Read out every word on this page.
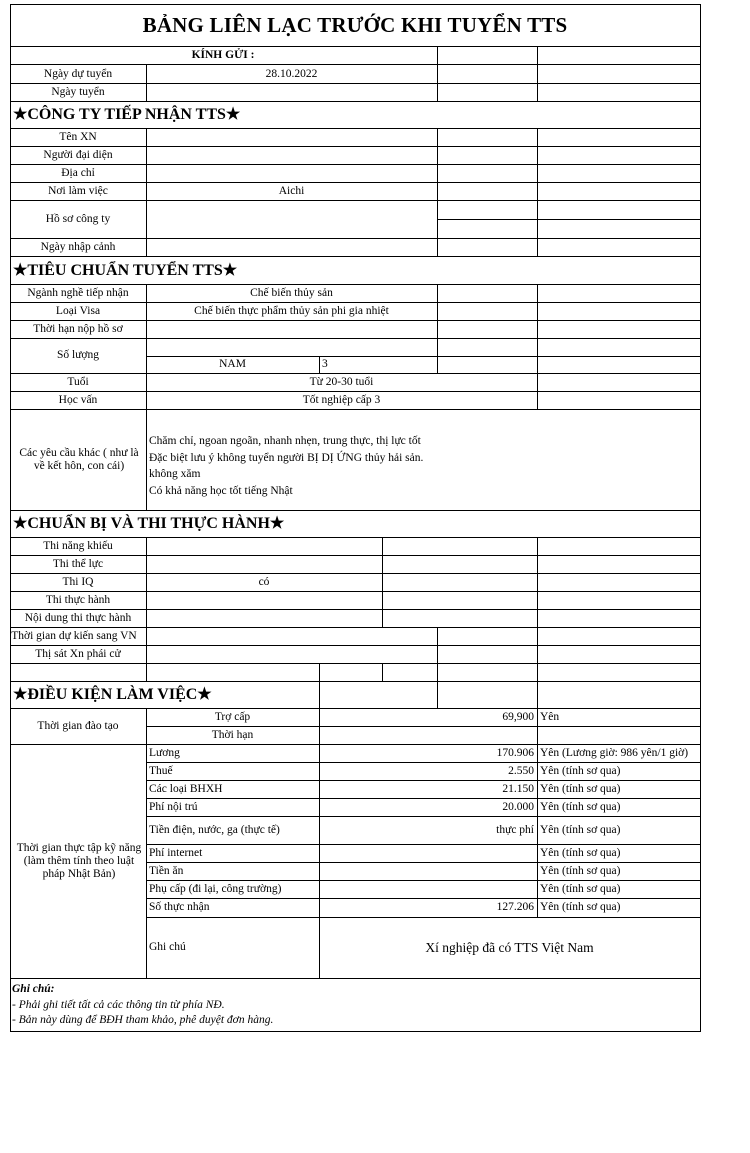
BẢNG LIÊN LẠC TRƯỚC KHI TUYỂN TTS
KÍNH GỬI :
Ngày dự tuyển	28.10.2022
Ngày tuyển
★CÔNG TY TIẾP NHẬN TTS★
Tên XN
Người đại diện
Địa chỉ
Nơi làm việc	Aichi
Hồ sơ công ty
Ngày nhập cảnh
★TIÊU CHUẨN TUYỂN TTS★
Ngành nghề tiếp nhận	Chế biến thủy sản
Loại Visa	Chế biến thực phẩm thủy sản phi gia nhiệt
Thời hạn nộp hồ sơ
Số lượng
NAM	3
Tuổi	Từ 20-30 tuổi
Học vấn	Tốt nghiệp cấp 3
Các yêu cầu khác ( như là về kết hôn, con cái)
Chăm chỉ, ngoan ngoãn, nhanh nhẹn, trung thực, thị lực tốt
Đặc biệt lưu ý không tuyển người BỊ DỊ ỨNG thủy hải sản.
không xăm
Có khả năng học tốt tiếng Nhật
★CHUẨN BỊ VÀ THI THỰC HÀNH★
Thi năng khiếu
Thi thể lực
Thi IQ	có
Thi thực hành
Nội dung thi thực hành
Thời gian dự kiến sang VN
Thị sát Xn phái cử
★ĐIỀU KIỆN LÀM VIỆC★
Thời gian đào tạo
Trợ cấp	69,900 Yên
Thời hạn
Thời gian thực tập kỹ năng (làm thêm tính theo luật pháp Nhật Bản)
Lương	170.906 Yên (Lương giờ: 986 yên/1 giờ)
Thuế	2.550 Yên (tính sơ qua)
Các loại BHXH	21.150 Yên (tính sơ qua)
Phí nội trú	20.000 Yên (tính sơ qua)
Tiền điện, nước, ga (thực tế)	thực phí Yên (tính sơ qua)
Phí internet	Yên (tính sơ qua)
Tiền ăn	Yên (tính sơ qua)
Phụ cấp (đi lại, công trường)	Yên (tính sơ qua)
Số thực nhận	127.206 Yên (tính sơ qua)
Ghi chú	Xí nghiệp đã có TTS Việt Nam
Ghi chú:
- Phải ghi tiết tất cả các thông tin từ phía NĐ.
- Bản này dùng để BĐH tham khảo, phê duyệt đơn hàng.
